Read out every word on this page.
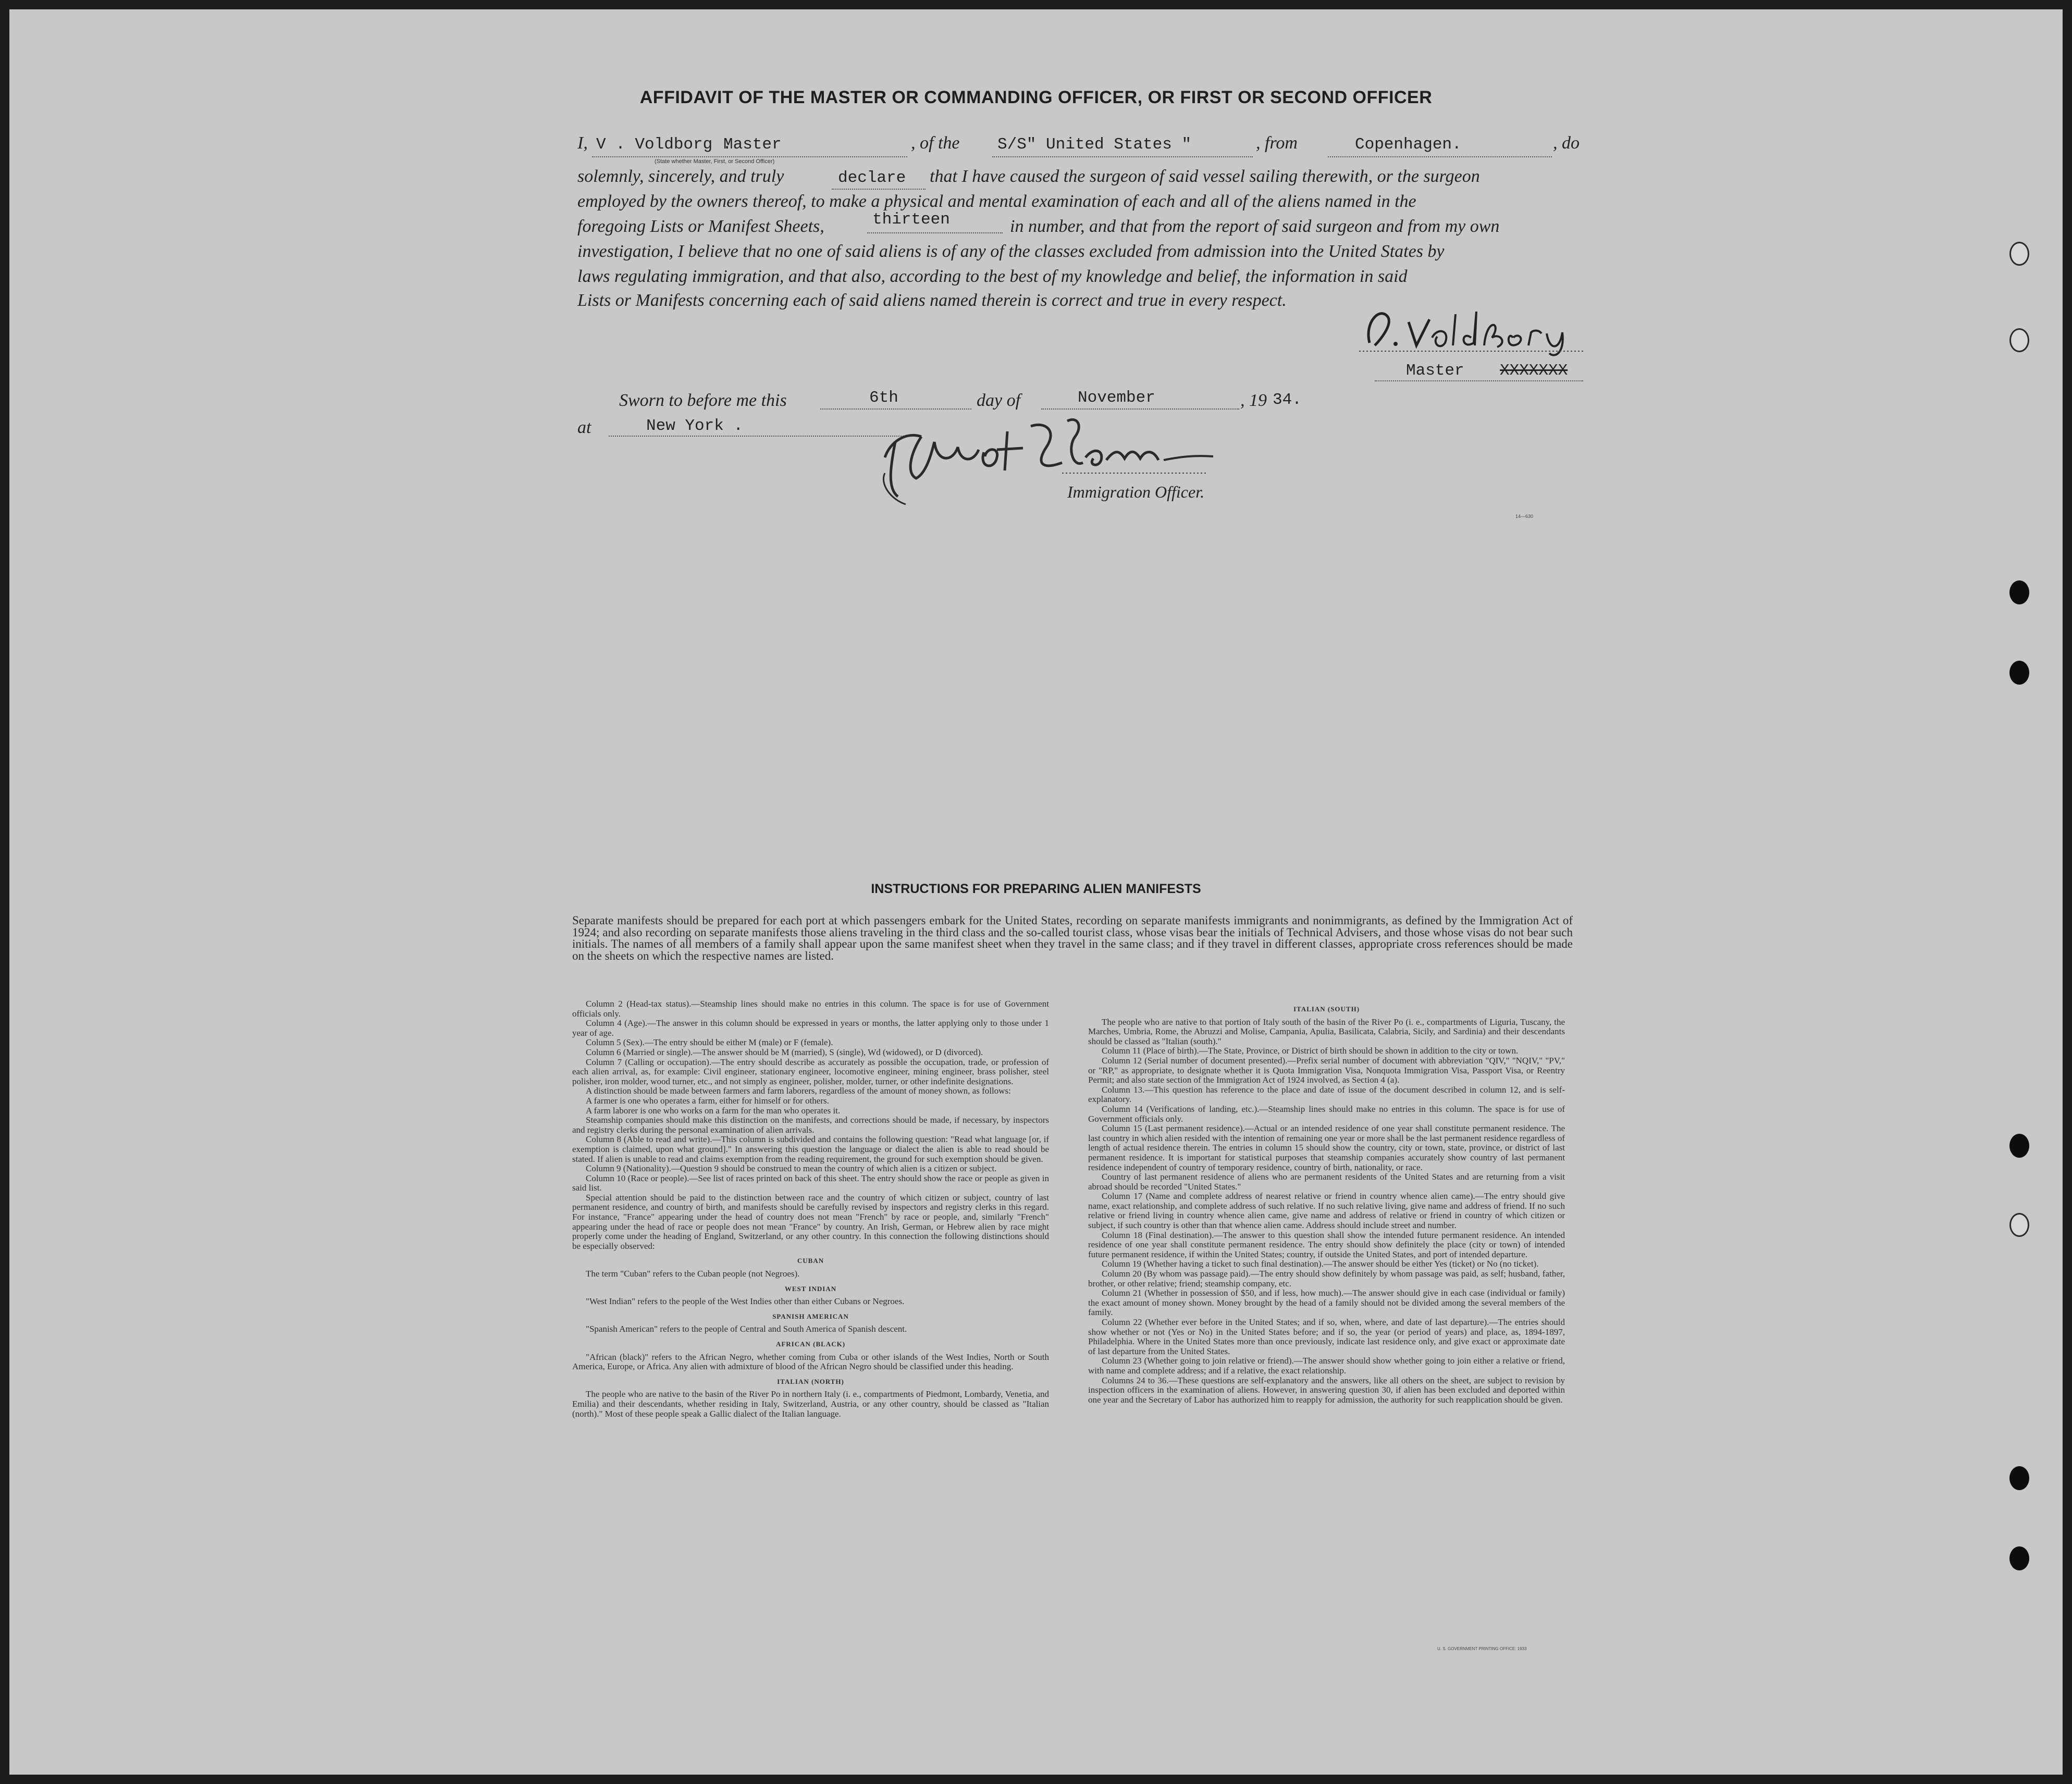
AFFIDAVIT OF THE MASTER OR COMMANDING OFFICER, OR FIRST OR SECOND OFFICER
I, V . Voldborg .
Master
(State whether Master, First, or Second Officer)
, of the S/S" United States "	, from	Copenhagen.	, do
solemnly, sincerely, and truly	declare that I have caused the surgeon of said vessel sailing therewith, or the surgeon
employed by the owners thereof, to make a physical and mental examination of each and all of the aliens named in the
foregoing Lists or Manifest Sheets,	thirteen	in number, and that from the report of said surgeon and from my own
investigation, I believe that no one of said aliens is of any of the classes excluded from admission into the United States by
laws regulating immigration, and that also, according to the best of my knowledge and belief, the information in said
Lists or Manifests concerning each of said aliens named therein is correct and true in every respect.
Master XXXXXXX
Sworn to before me this	6th	day of	November	, 19 34.
at	New York .
Immigration Officer.
14—630
INSTRUCTIONS FOR PREPARING ALIEN MANIFESTS
Separate manifests should be prepared for each port at which passengers embark for the United States, recording on separate manifests immigrants and nonimmigrants, as defined by the Immigration Act of 1924; and also recording on separate manifests those aliens traveling in the third class and the so-called tourist class, whose visas bear the initials of Technical Advisers, and those whose visas do not bear such initials. The names of all members of a family shall appear upon the same manifest sheet when they travel in the same class; and if they travel in different classes, appropriate cross references should be made on the sheets on which the respective names are listed.

Column 2 (Head-tax status).—Steamship lines should make no entries in this column. The space is for use of Government officials only.

Column 4 (Age).—The answer in this column should be expressed in years or months, the latter applying only to those under 1 year of age.

Column 5 (Sex).—The entry should be either M (male) or F (female).

Column 6 (Married or single).—The answer should be M (married), S (single), Wd (widowed), or D (divorced).

Column 7 (Calling or occupation).—The entry should describe as accurately as possible the occupation, trade, or profession of each alien arrival, as, for example: Civil engineer, stationary engineer, locomotive engineer, mining engineer, brass polisher, steel polisher, iron molder, wood turner, etc., and not simply as engineer, polisher, molder, turner, or other indefinite designations.

A distinction should be made between farmers and farm laborers, regardless of the amount of money shown, as follows:

A farmer is one who operates a farm, either for himself or for others.

A farm laborer is one who works on a farm for the man who operates it.

Steamship companies should make this distinction on the manifests, and corrections should be made, if necessary, by inspectors and registry clerks during the personal examination of alien arrivals.

Column 8 (Able to read and write).—This column is subdivided and contains the following question: "Read what language [or, if exemption is claimed, upon what ground]." In answering this question the language or dialect the alien is able to read should be stated. If alien is unable to read and claims exemption from the reading requirement, the ground for such exemption should be given.

Column 9 (Nationality).—Question 9 should be construed to mean the country of which alien is a citizen or subject.

Column 10 (Race or people).—See list of races printed on back of this sheet. The entry should show the race or people as given in said list.

Special attention should be paid to the distinction between race and the country of which citizen or subject, country of last permanent residence, and country of birth, and manifests should be carefully revised by inspectors and registry clerks in this regard. For instance, "France" appearing under the head of country does not mean "French" by race or people, and, similarly "French" appearing under the head of race or people does not mean "France" by country. An Irish, German, or Hebrew alien by race might properly come under the heading of England, Switzerland, or any other country. In this connection the following distinctions should be especially observed:

CUBAN

The term "Cuban" refers to the Cuban people (not Negroes).

WEST INDIAN

"West Indian" refers to the people of the West Indies other than either Cubans or Negroes.

SPANISH AMERICAN

"Spanish American" refers to the people of Central and South America of Spanish descent.

AFRICAN (BLACK)

"African (black)" refers to the African Negro, whether coming from Cuba or other islands of the West Indies, North or South America, Europe, or Africa. Any alien with admixture of blood of the African Negro should be classified under this heading.

ITALIAN (NORTH)

The people who are native to the basin of the River Po in northern Italy (i. e., compartments of Piedmont, Lombardy, Venetia, and Emilia) and their descendants, whether residing in Italy, Switzerland, Austria, or any other country, should be classed as "Italian (north)." Most of these people speak a Gallic dialect of the Italian language.

ITALIAN (SOUTH)

The people who are native to that portion of Italy south of the basin of the River Po (i. e., compartments of Liguria, Tuscany, the Marches, Umbria, Rome, the Abruzzi and Molise, Campania, Apulia, Basilicata, Calabria, Sicily, and Sardinia) and their descendants should be classed as "Italian (south)."

Column 11 (Place of birth).—The State, Province, or District of birth should be shown in addition to the city or town.

Column 12 (Serial number of document presented).—Prefix serial number of document with abbreviation "QIV," "NQIV," "PV," or "RP," as appropriate, to designate whether it is Quota Immigration Visa, Nonquota Immigration Visa, Passport Visa, or Reentry Permit; and also state section of the Immigration Act of 1924 involved, as Section 4 (a).

Column 13.—This question has reference to the place and date of issue of the document described in column 12, and is self-explanatory.

Column 14 (Verifications of landing, etc.).—Steamship lines should make no entries in this column. The space is for use of Government officials only.

Column 15 (Last permanent residence).—Actual or an intended residence of one year shall constitute permanent residence. The last country in which alien resided with the intention of remaining one year or more shall be the last permanent residence regardless of length of actual residence therein. The entries in column 15 should show the country, city or town, state, province, or district of last permanent residence. It is important for statistical purposes that steamship companies accurately show country of last permanent residence independent of country of temporary residence, country of birth, nationality, or race.

Country of last permanent residence of aliens who are permanent residents of the United States and are returning from a visit abroad should be recorded "United States."

Column 17 (Name and complete address of nearest relative or friend in country whence alien came).—The entry should give name, exact relationship, and complete address of such relative. If no such relative living, give name and address of friend. If no such relative or friend living in country whence alien came, give name and address of relative or friend in country of which citizen or subject, if such country is other than that whence alien came. Address should include street and number.

Column 18 (Final destination).—The answer to this question shall show the intended future permanent residence. An intended residence of one year shall constitute permanent residence. The entry should show definitely the place (city or town) of intended future permanent residence, if within the United States; country, if outside the United States, and port of intended departure.

Column 19 (Whether having a ticket to such final destination).—The answer should be either Yes (ticket) or No (no ticket).

Column 20 (By whom was passage paid).—The entry should show definitely by whom passage was paid, as self; husband, father, brother, or other relative; friend; steamship company, etc.

Column 21 (Whether in possession of $50, and if less, how much).—The answer should give in each case (individual or family) the exact amount of money shown. Money brought by the head of a family should not be divided among the several members of the family.

Column 22 (Whether ever before in the United States; and if so, when, where, and date of last departure).—The entries should show whether or not (Yes or No) in the United States before; and if so, the year (or period of years) and place, as, 1894-1897, Philadelphia. Where in the United States more than once previously, indicate last residence only, and give exact or approximate date of last departure from the United States.

Column 23 (Whether going to join relative or friend).—The answer should show whether going to join either a relative or friend, with name and complete address; and if a relative, the exact relationship.

Columns 24 to 36.—These questions are self-explanatory and the answers, like all others on the sheet, are subject to revision by inspection officers in the examination of aliens. However, in answering question 30, if alien has been excluded and deported within one year and the Secretary of Labor has authorized him to reapply for admission, the authority for such reapplication should be given.

U. S. GOVERNMENT PRINTING OFFICE: 1933
